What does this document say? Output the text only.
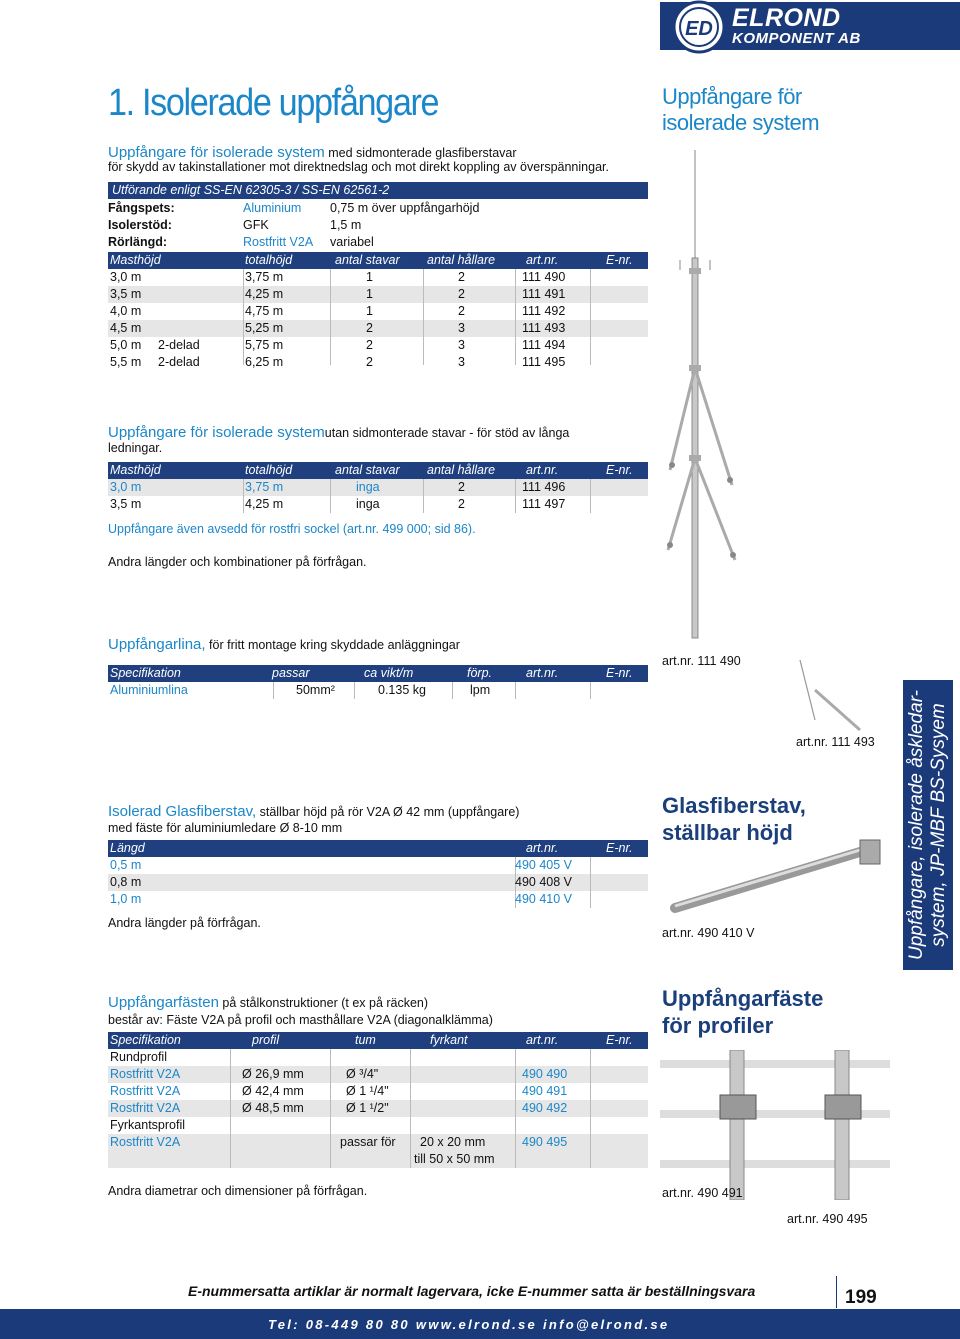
ED ELROND
KOMPONENT AB
1. Isolerade uppfångare	Uppfångare för
isolerade system
Uppfångare för isolerade system med sidmonterade glasfiberstavar
för skydd av takinstallationer mot direktnedslag och mot direkt koppling av överspänningar.
Utförande enligt SS-EN 62305-3 / SS-EN 62561-2
Fångspets:	Aluminium 0,75 m över uppfångarhöjd
Isolerstöd:	GFK	1,5 m
Rörlängd:	Rostfritt V2A variabel
Masthöjd	totalhöjd	antal stavar antal hållare art.nr.	E-nr.
3,0 m	3,75 m	1	2	111 490
3,5 m	4,25 m	1	2	111 491
4,0 m	4,75 m	1	2	111 492
4,5 m	5,25 m	2	3	111 493
5,0 m 2-delad	5,75 m	2	3	111 494
5,5 m 2-delad	6,25 m	2	3	111 495
Uppfångare för isolerade systemutan sidmonterade stavar - för stöd av långa
ledningar.
Masthöjd	totalhöjd	antal stavar antal hållare art.nr.	E-nr.
3,0 m	3,75 m	inga	2	111 496
3,5 m	4,25 m	inga	2	111 497
Uppfångare även avsedd för rostfri sockel (art.nr. 499 000; sid 86).
Andra längder och kombinationer på förfrågan.
Uppfångarlina, för fritt montage kring skyddade anläggningar
Specifikation	passar	ca vikt/m	förp.	art.nr.	E-nr.
Aluminiumlina	50mm²	0.135 kg	lpm
Isolerad Glasfiberstav, ställbar höjd på rör V2A Ø 42 mm (uppfångare)
med fäste för aluminiumledare Ø 8-10 mm
Längd	art.nr.	E-nr.
0,5 m	490 405 V
0,8 m	490 408 V
1,0 m	490 410 V
Andra längder på förfrågan.
Uppfångarfästen på stålkonstruktioner (t ex på räcken)
består av: Fäste V2A på profil och masthållare V2A (diagonalklämma)
Specifikation	profil	tum	fyrkant	art.nr.	E-nr.
Rundprofil
Rostfritt V2A	Ø 26,9 mm	Ø ³/4"	490 490
Rostfritt V2A	Ø 42,4 mm	Ø 1 ¹/4"	490 491
Rostfritt V2A	Ø 48,5 mm	Ø 1 ¹/2"	490 492
Fyrkantsprofil
Rostfritt V2A	passar för 20 x 20 mm
till 50 x 50 mm
490 495
Andra diametrar och dimensioner på förfrågan.
art.nr. 111 490
art.nr. 111 493
art.nr. 490 410 V
art.nr. 490 491
art.nr. 490 495
Glasfiberstav,
ställbar höjd
Uppfångarfäste
för profiler
Uppfångare, isolerade åskledar- system, JP-MBF BS-Sysyem
E-nummersatta artiklar är normalt lagervara, icke E-nummer satta är beställningsvara	199
Tel: 08-449 80 80 www.elrond.se info@elrond.se
